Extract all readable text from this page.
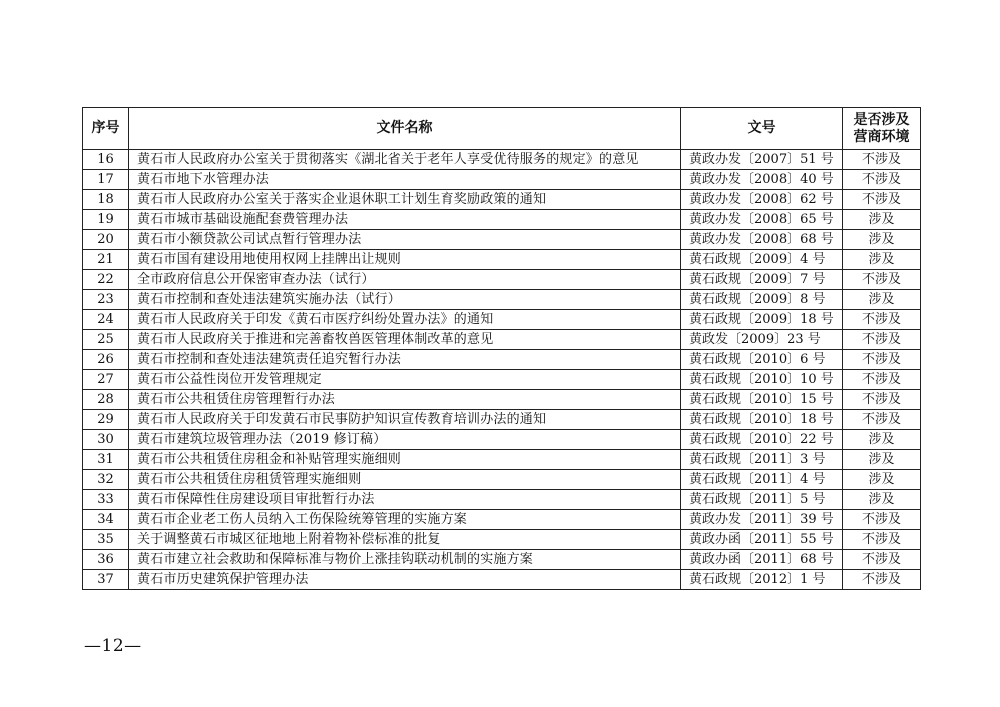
序号	文件名称	文号	是否涉及
营商环境
16	黄石市人民政府办公室关于贯彻落实《湖北省关于老年人享受优待服务的规定》的意见	黄政办发〔2007〕51 号	不涉及
17	黄石市地下水管理办法	黄政办发〔2008〕40 号	不涉及
18	黄石市人民政府办公室关于落实企业退休职工计划生育奖励政策的通知	黄政办发〔2008〕62 号	不涉及
19	黄石市城市基础设施配套费管理办法	黄政办发〔2008〕65 号	涉及
20	黄石市小额贷款公司试点暂行管理办法	黄政办发〔2008〕68 号	涉及
21	黄石市国有建设用地使用权网上挂牌出让规则	黄石政规〔2009〕4 号	涉及
22	全市政府信息公开保密审查办法（试行）	黄石政规〔2009〕7 号	不涉及
23	黄石市控制和查处违法建筑实施办法（试行）	黄石政规〔2009〕8 号	涉及
24	黄石市人民政府关于印发《黄石市医疗纠纷处置办法》的通知	黄石政规〔2009〕18 号	不涉及
25	黄石市人民政府关于推进和完善畜牧兽医管理体制改革的意见	黄政发〔2009〕23 号	不涉及
26	黄石市控制和查处违法建筑责任追究暂行办法	黄石政规〔2010〕6 号	不涉及
27	黄石市公益性岗位开发管理规定	黄石政规〔2010〕10 号	不涉及
28	黄石市公共租赁住房管理暂行办法	黄石政规〔2010〕15 号	不涉及
29	黄石市人民政府关于印发黄石市民事防护知识宣传教育培训办法的通知	黄石政规〔2010〕18 号	不涉及
30	黄石市建筑垃圾管理办法（2019 修订稿）	黄石政规〔2010〕22 号	涉及
31	黄石市公共租赁住房租金和补贴管理实施细则	黄石政规〔2011〕3 号	涉及
32	黄石市公共租赁住房租赁管理实施细则	黄石政规〔2011〕4 号	涉及
33	黄石市保障性住房建设项目审批暂行办法	黄石政规〔2011〕5 号	涉及
34	黄石市企业老工伤人员纳入工伤保险统筹管理的实施方案	黄政办发〔2011〕39 号	不涉及
35	关于调整黄石市城区征地地上附着物补偿标准的批复	黄政办函〔2011〕55 号	不涉及
36	黄石市建立社会救助和保障标准与物价上涨挂钩联动机制的实施方案	黄政办函〔2011〕68 号	不涉及
37	黄石市历史建筑保护管理办法	黄石政规〔2012〕1 号	不涉及
—12—
